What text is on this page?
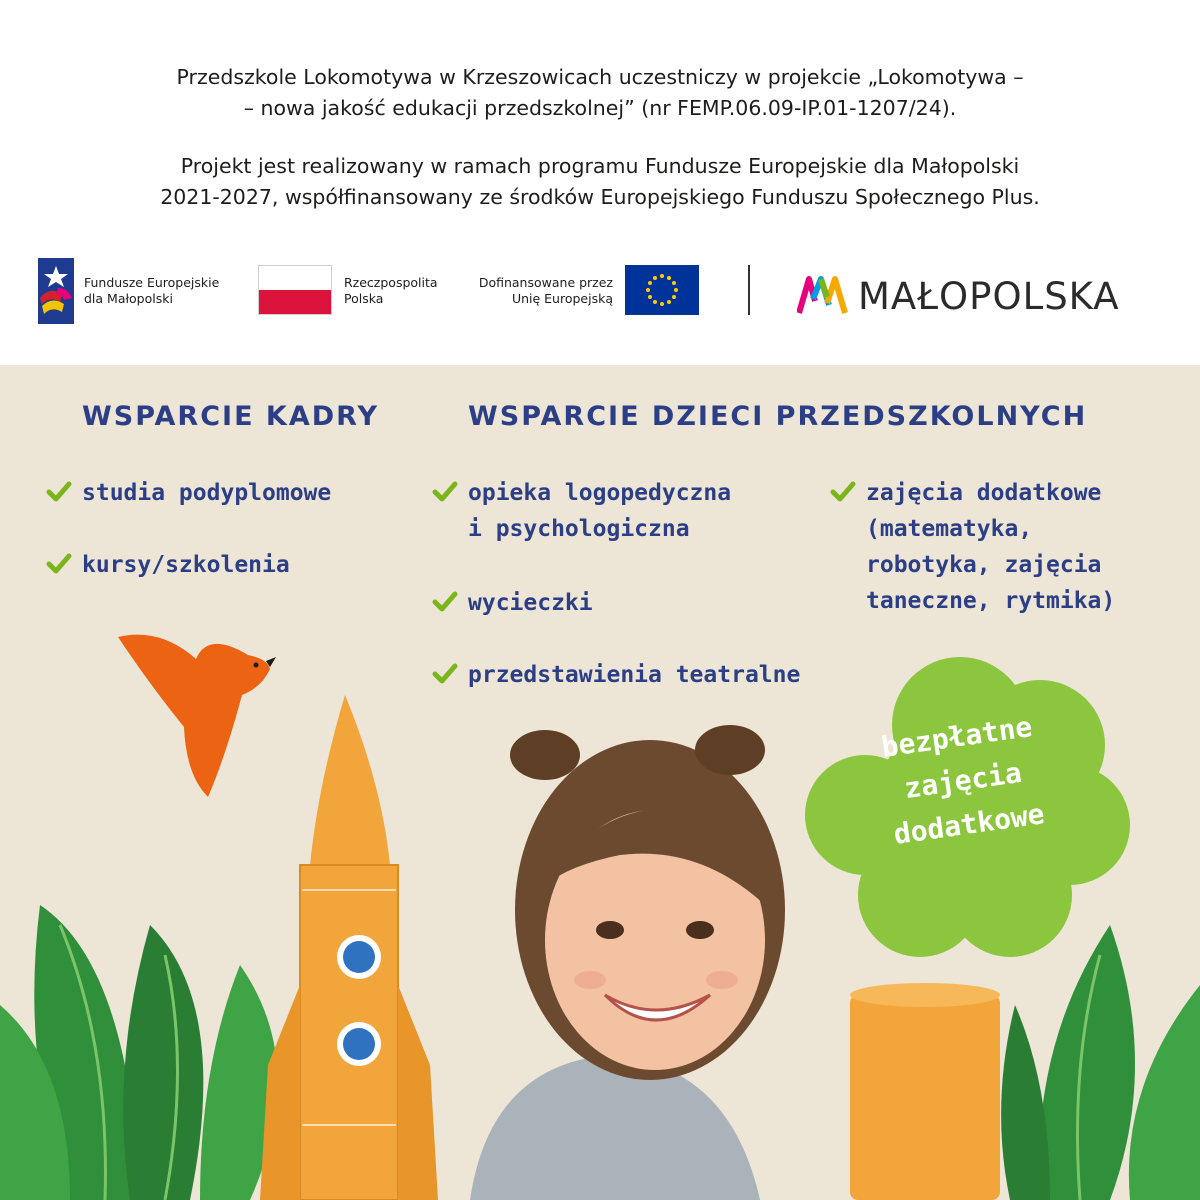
Przedszkole Lokomotywa w Krzeszowicach uczestniczy w projekcie „Lokomotywa –
– nowa jakość edukacji przedszkolnej” (nr FEMP.06.09-IP.01-1207/24).

Projekt jest realizowany w ramach programu Fundusze Europejskie dla Małopolski
2021-2027, współfinansowany ze środków Europejskiego Funduszu Społecznego Plus.

Fundusze Europejskie
dla Małopolski
Rzeczpospolita
Polska
Dofinansowane przez
Unię Europejską	MAŁOPOLSKA
WSPARCIE KADRY	WSPARCIE DZIECI PRZEDSZKOLNYCH
studia podyplomowe
kursy/szkolenia
opieka logopedyczna
i psychologiczna
wycieczki
przedstawienia teatralne
zajęcia dodatkowe
(matematyka,
robotyka, zajęcia
taneczne, rytmika)
bezpłatne
zajęcia
dodatkowe
